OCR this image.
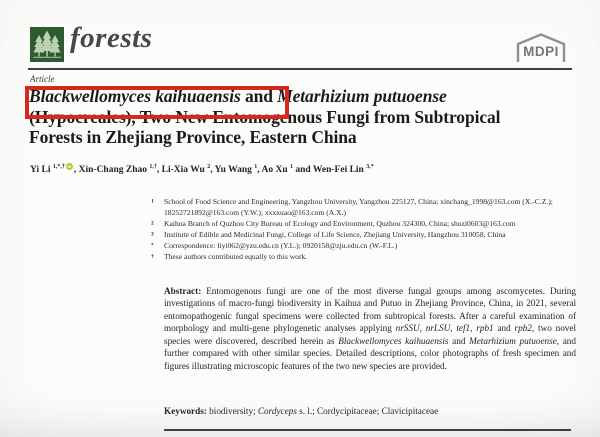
forests	MDPI
Article
Blackwellomyces kaihuaensis and Metarhizium putuoense
(Hypocreales), Two New Entomogenous Fungi from Subtropical
Forests in Zhejiang Province, Eastern China
Yi Li $^{1,*,\dagger}$ iD , Xin-Chang Zhao $^{1,\dagger}$, Li-Xia Wu $^2$, Yu Wang $^1$, Ao Xu $^1$ and Wen-Fei Lin $^{3,*}$
1	School of Food Science and Engineering, Yangzhou University, Yangzhou 225127, China; xinchang_1998@163.com (X.-C.Z.); 18252721892@163.com (Y.W.); xxxxuao@163.com (A.X.)
2	Kaihua Branch of Quzhou City Bureau of Ecology and Environment, Quzhou 324300, China; shuzi0603@163.com
3	Institute of Edible and Medicinal Fungi, College of Life Science, Zhejiang University, Hangzhou 310058, China
*	Correspondence: liyi062@yzu.edu.cn (Y.L.); 0920158@zju.edu.cn (W.-F.L.)
†	These authors contributed equally to this work.
Abstract: Entomogenous fungi are one of the most diverse fungal groups among ascomycetes. During investigations of macro-fungi biodiversity in Kaihua and Putuo in Zhejiang Province, China, in 2021, several entomopathogenic fungal specimens were collected from subtropical forests. After a careful examination of morphology and multi-gene phylogenetic analyses applying nrSSU, nrLSU, tef1, rpb1 and rpb2, two novel species were discovered, described herein as Blackwellomyces kaihuaensis and Metarhizium putuoense, and further compared with other similar species. Detailed descriptions, color photographs of fresh specimen and figures illustrating microscopic features of the two new species are provided.
Keywords: biodiversity; Cordyceps s. l.; Cordycipitaceae; Clavicipitaceae
